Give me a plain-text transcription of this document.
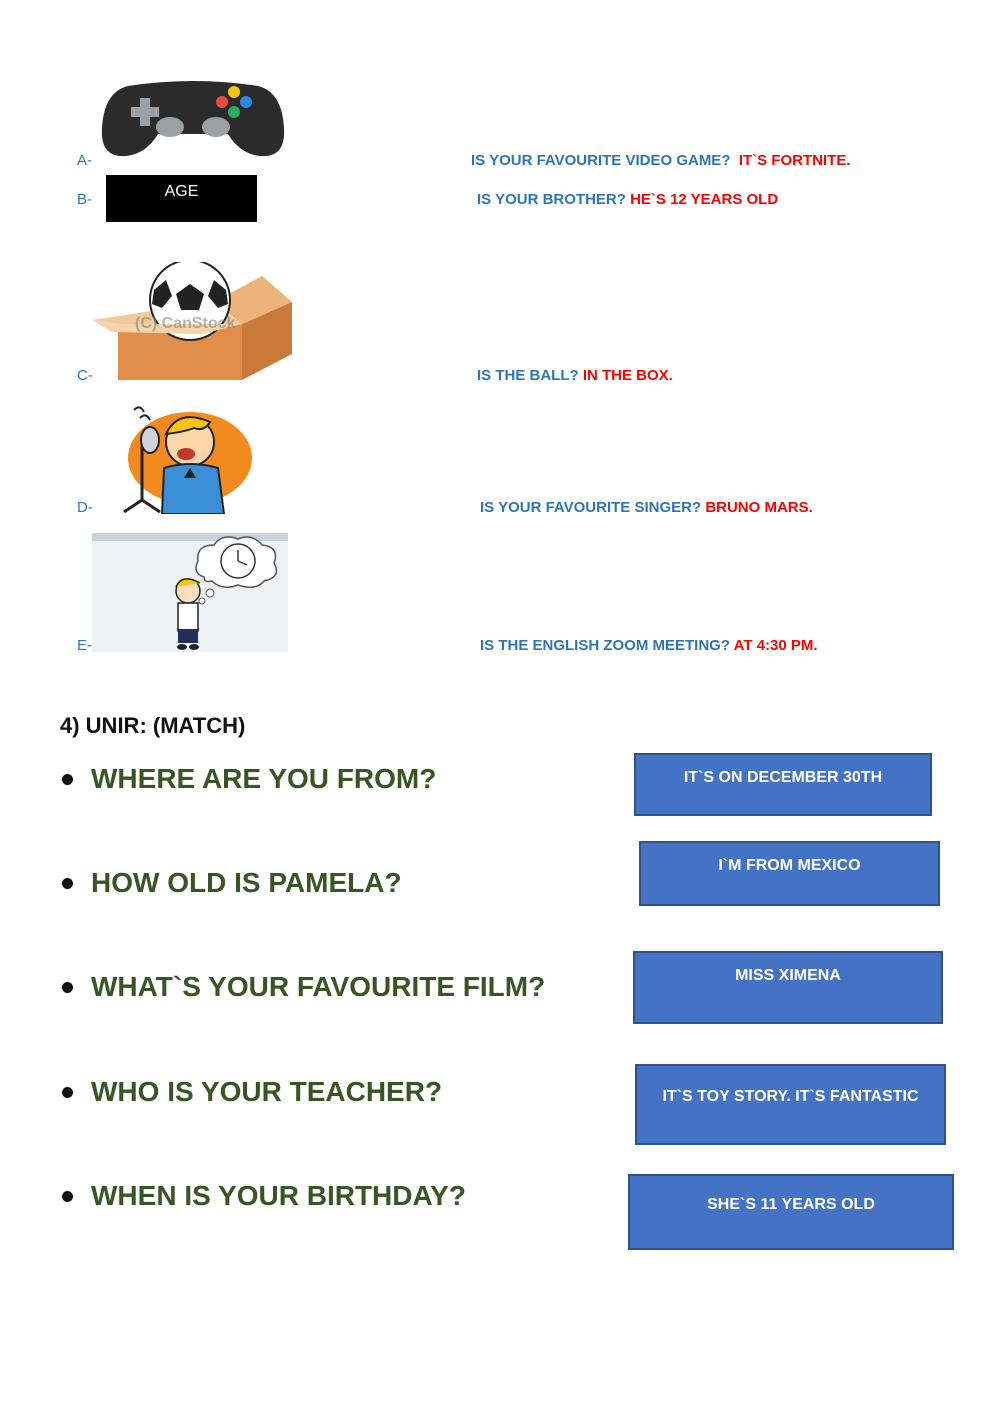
A-	IS YOUR FAVOURITE VIDEO GAME? IT`S FORTNITE.
B-	AGE	IS YOUR BROTHER? HE`S 12 YEARS OLD
(C) CanStock
C-	IS THE BALL? IN THE BOX.
D-	IS YOUR FAVOURITE SINGER? BRUNO MARS.
E-	IS THE ENGLISH ZOOM MEETING? AT 4:30 PM.
4) UNIR: (MATCH)
WHERE ARE YOU FROM?
HOW OLD IS PAMELA?
WHAT`S YOUR FAVOURITE FILM?
WHO IS YOUR TEACHER?
WHEN IS YOUR BIRTHDAY?
IT`S ON DECEMBER 30TH
I`M FROM MEXICO
MISS XIMENA
IT`S TOY STORY. IT`S FANTASTIC
SHE`S 11 YEARS OLD
